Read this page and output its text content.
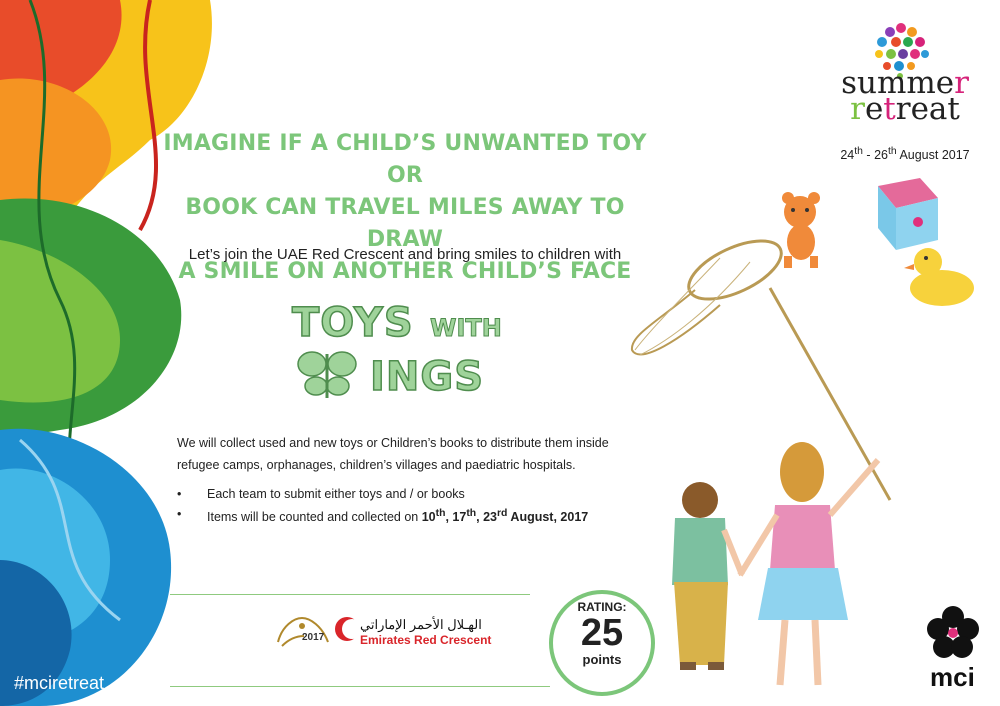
#mciretreat
IMAGINE IF A CHILD’S UNWANTED TOY OR
BOOK CAN TRAVEL MILES AWAY TO DRAW
A SMILE ON ANOTHER CHILD’S FACE
Let’s join the UAE Red Crescent and bring smiles to children with
TOYS WITH
INGS
We will collect used and new toys or Children’s books to distribute them inside
refugee camps, orphanages, children’s villages and paediatric hospitals.
•	Each team to submit either toys and / or books
•	Items will be counted and collected on 10th, 17th, 23rd August, 2017
2017
الهـلال الأحمر الإماراتي
Emirates Red Crescent
RATING:
25
points
summer
retreat
24th - 26th August 2017
mci
